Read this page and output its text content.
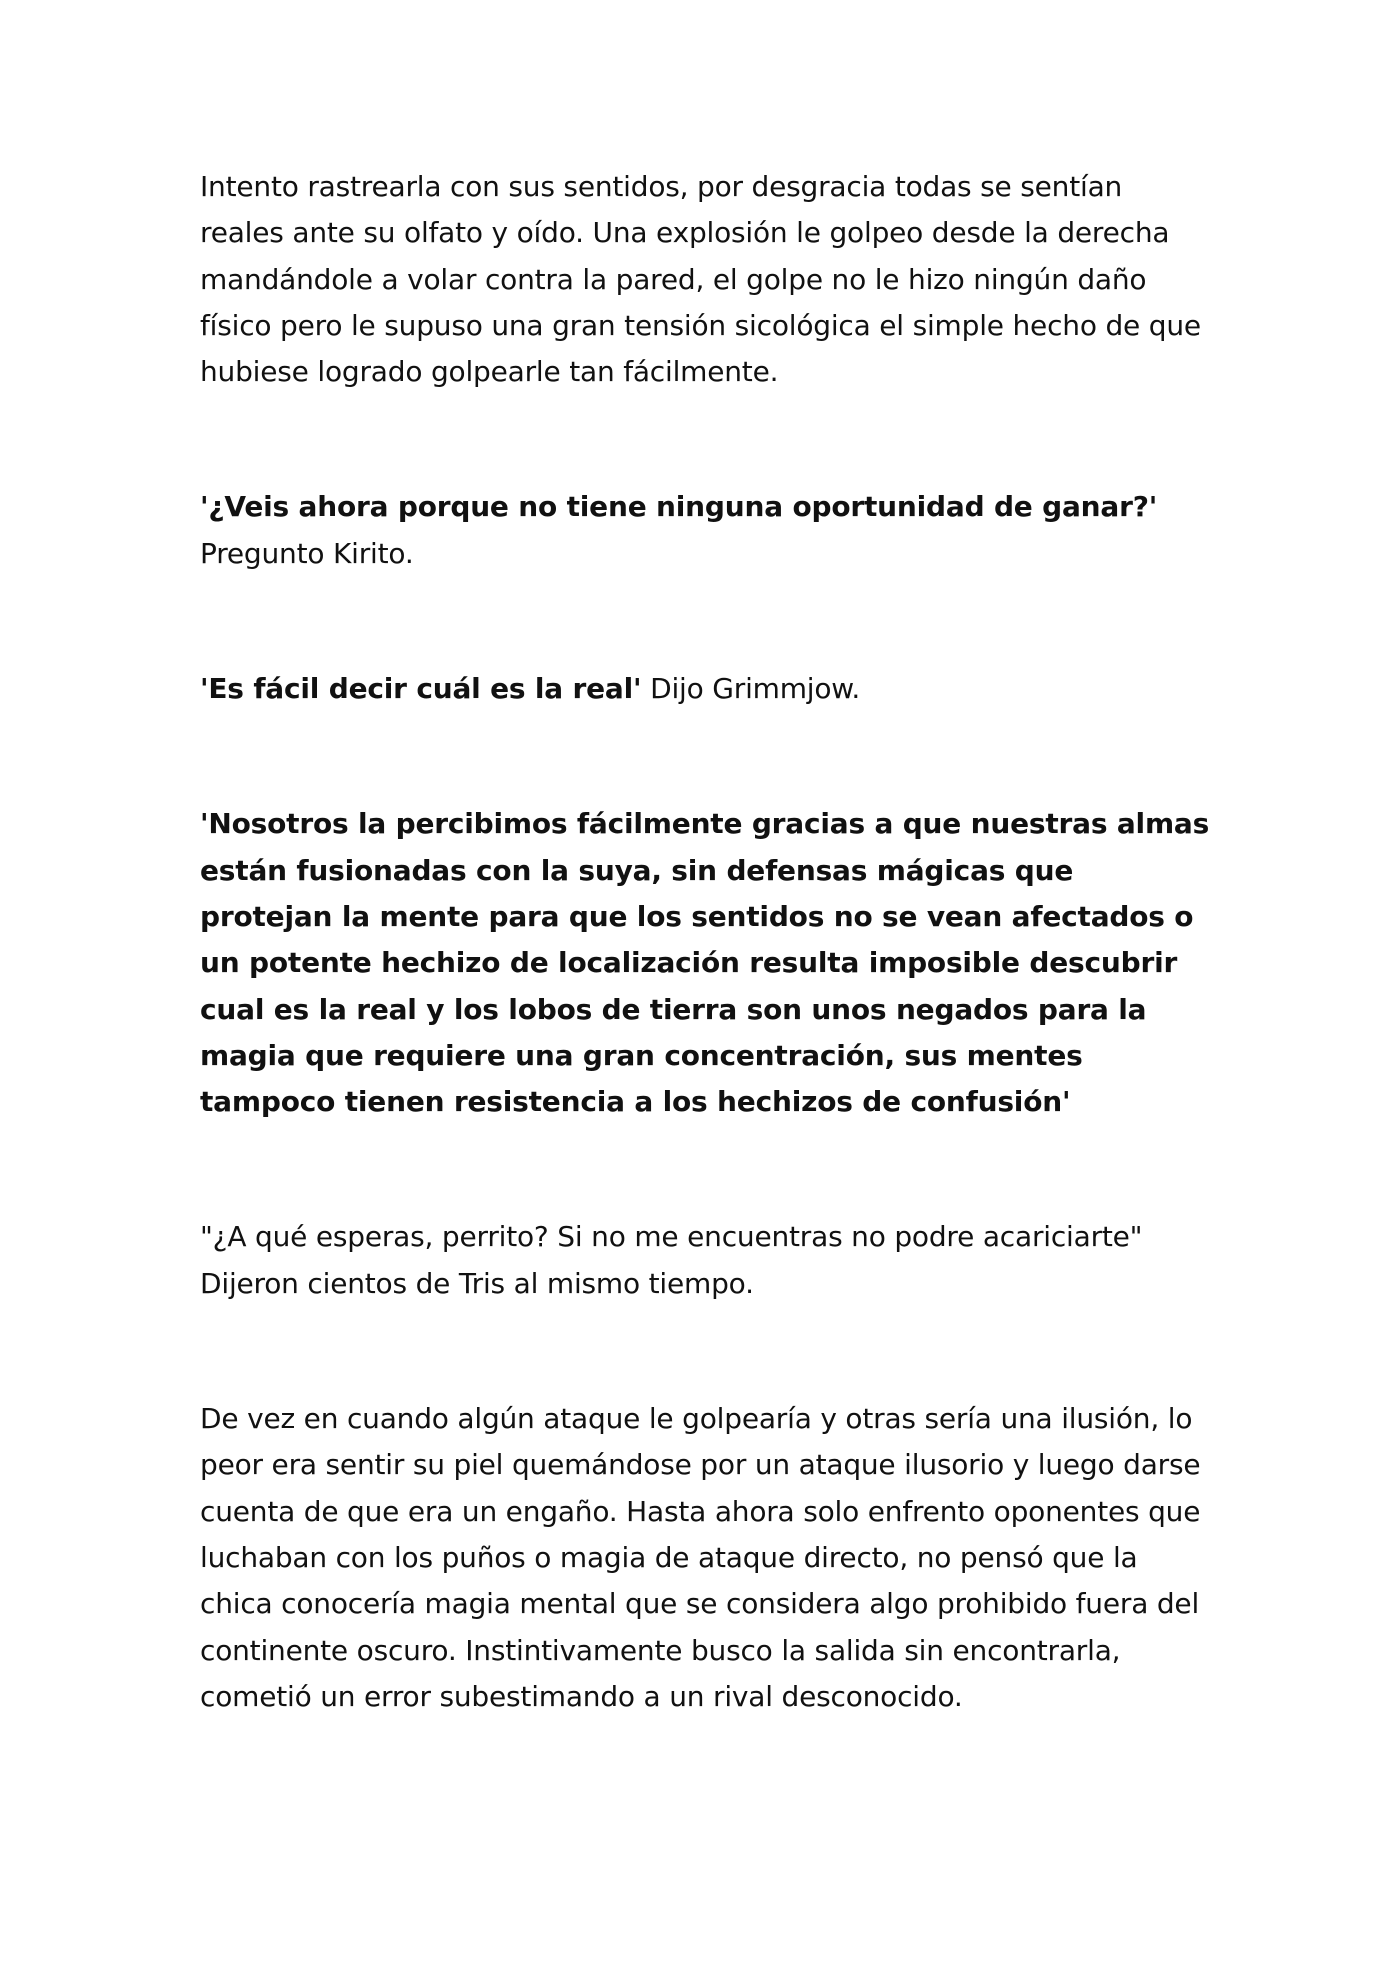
Intento rastrearla con sus sentidos, por desgracia todas se sentían reales ante su olfato y oído. Una explosión le golpeo desde la derecha mandándole a volar contra la pared, el golpe no le hizo ningún daño físico pero le supuso una gran tensión sicológica el simple hecho de que hubiese logrado golpearle tan fácilmente.

'¿Veis ahora porque no tiene ninguna oportunidad de ganar?' Pregunto Kirito.

'Es fácil decir cuál es la real' Dijo Grimmjow.

'Nosotros la percibimos fácilmente gracias a que nuestras almas están fusionadas con la suya, sin defensas mágicas que protejan la mente para que los sentidos no se vean afectados o un potente hechizo de localización resulta imposible descubrir cual es la real y los lobos de tierra son unos negados para la magia que requiere una gran concentración, sus mentes tampoco tienen resistencia a los hechizos de confusión'

"¿A qué esperas, perrito? Si no me encuentras no podre acariciarte" Dijeron cientos de Tris al mismo tiempo.

De vez en cuando algún ataque le golpearía y otras sería una ilusión, lo peor era sentir su piel quemándose por un ataque ilusorio y luego darse cuenta de que era un engaño. Hasta ahora solo enfrento oponentes que luchaban con los puños o magia de ataque directo, no pensó que la chica conocería magia mental que se considera algo prohibido fuera del continente oscuro. Instintivamente busco la salida sin encontrarla, cometió un error subestimando a un rival desconocido.
